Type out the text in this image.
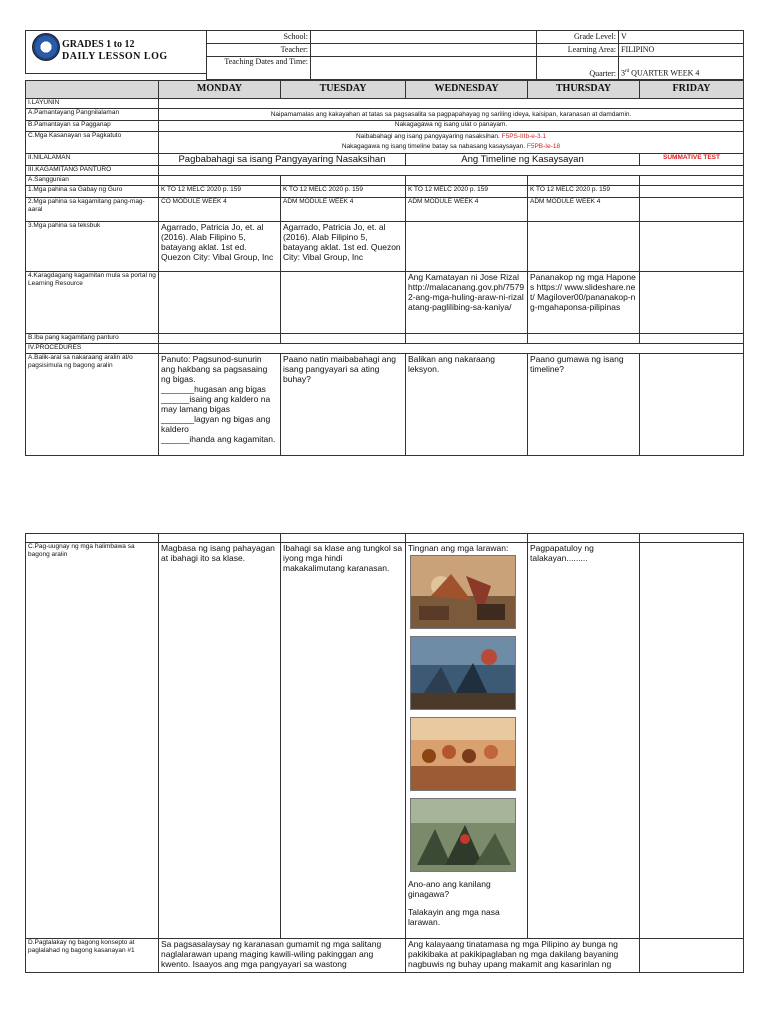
GRADES 1 to 12
DAILY LESSON LOG
School:		Grade Level:	V
Teacher:		Learning Area:	FILIPINO
Teaching Dates and Time:		Quarter:	3rd QUARTER WEEK 4
	MONDAY	TUESDAY	WEDNESDAY	THURSDAY	FRIDAY
I.LAYUNIN					
A.Pamantayang Pangnilalaman	Naipamamalas ang kakayahan at tatas sa pagsasalita sa pagpapahayag ng sariling ideya, kaisipan, karanasan at damdamin.				
B.Pamantayan sa Pagganap	Nakagagawa ng isang ulat o panayam.				
C.Mga Kasanayan sa Pagkatuto	Naibabahagi ang isang pangyayaring nasaksihan. F5PS-IIIb-e-3.1
Nakagagawa ng isang timeline batay sa nabasang kasaysayan. F5PB-Ie-18				
II.NILALAMAN	Pagbabahagi sa isang Pangyayaring Nasaksihan		Ang Timeline ng Kasaysayan		SUMMATIVE TEST
III.KAGAMITANG PANTURO					
A.Sanggunian					
1.Mga pahina sa Gabay ng Guro	K TO 12 MELC 2020 p. 159	K TO 12 MELC 2020 p. 159	K TO 12 MELC 2020 p. 159	K TO 12 MELC 2020 p. 159	
2.Mga pahina sa kagamitang pang-mag-aaral	CO MODULE WEEK 4	ADM MODULE WEEK 4	ADM MODULE WEEK 4	ADM MODULE WEEK 4	
3.Mga pahina sa teksbuk	Agarrado, Patricia Jo, et. al (2016). Alab Filipino 5, batayang aklat. 1st ed. Quezon City: Vibal Group, Inc	Agarrado, Patricia Jo, et. al (2016). Alab Filipino 5, batayang aklat. 1st ed. Quezon City: Vibal Group, Inc			
4.Karagdagang kagamitan mula sa portal ng Learning Resource			Ang Kamatayan ni Jose Rizal http://malacanang.gov.ph/75792-ang-mga-huling-araw-ni-rizalatang-paglilibing-sa-kaniya/	Pananakop ng mga Hapones https:// www.slideshare.net/ Magilover00/pananakop-ng-mgahaponsa-pilipinas	
B.Iba pang kagamitang panturo					
IV.PROCEDURES					
A.Balik-aral sa nakaraang aralin at/o pagsisimula ng bagong aralin	Panuto: Pagsunod-sunurin ang hakbang sa pagsasaing ng bigas.
_______hugasan ang bigas
______isaing ang kaldero na may lamang bigas
_______lagyan ng bigas ang kaldero
______ihanda ang kagamitan.	Paano natin maibabahagi ang isang pangyayari sa ating buhay?	Balikan ang nakaraang leksyon.	Paano gumawa ng isang timeline?	

C.Pag-uugnay ng mga halimbawa sa bagong aralin	Magbasa ng isang pahayagan at ibahagi ito sa klase.	Ibahagi sa klase ang tungkol sa iyong mga hindi makakalimutang karanasan.	Tingnan ang mga larawan:

Ano-ano ang kanilang ginagawa?
Talakayin ang mga nasa larawan.	Pagpapatuloy ng talakayan.........	
D.Pagtalakay ng bagong konsepto at paglalahad ng bagong kasanayan #1	Sa pagsasalaysay ng karanasan gumamit ng mga salitang naglalarawan upang maging kawili-wiling pakinggan ang kwento. Isaayos ang mga pangyayari sa wastong		Ang kalayaang tinatamasa ng mga Pilipino ay bunga ng pakikibaka at pakikipaglaban ng mga dakilang bayaning nagbuwis ng buhay upang makamit ang kasarinlan ng		
